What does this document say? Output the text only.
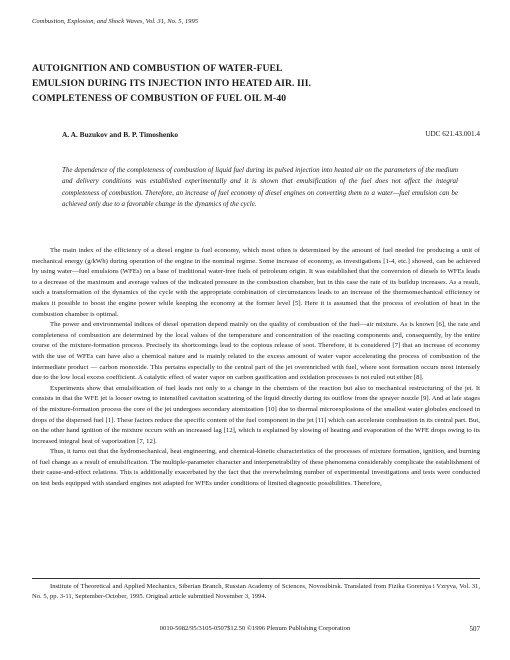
Combustion, Explosion, and Shock Waves, Vol. 31, No. 5, 1995
AUTOIGNITION AND COMBUSTION OF WATER-FUEL
EMULSION DURING ITS INJECTION INTO HEATED AIR. III.
COMPLETENESS OF COMBUSTION OF FUEL OIL M-40
A. A. Buzukov and B. P. Timoshenko	UDC 621.43.001.4
The dependence of the completeness of combustion of liquid fuel during its pulsed injection into heated air on the parameters of the medium and delivery conditions was established experimentally and it is shown that emulsification of the fuel does not affect the integral completeness of combustion. Therefore, an increase of fuel economy of diesel engines on converting them to a water—fuel emulsion can be achieved only due to a favorable change in the dynamics of the cycle.

The main index of the efficiency of a diesel engine is fuel economy, which most often is determined by the amount of fuel needed for producing a unit of mechanical energy (g/kWh) during operation of the engine in the nominal regime. Some increase of economy, as investigations [1-4, etc.] showed, can be achieved by using water—fuel emulsions (WFEs) on a base of traditional water-free fuels of petroleum origin. It was established that the conversion of diesels to WFEs leads to a decrease of the maximum and average values of the indicated pressure in the combustion chamber, but in this case the rate of its buildup increases. As a result, such a transformation of the dynamics of the cycle with the appropriate combination of circumstances leads to an increase of the thermomechanical efficiency or makes it possible to boost the engine power while keeping the economy at the former level [5]. Here it is assumed that the process of evolution of heat in the combustion chamber is optimal.

The power and environmental indices of diesel operation depend mainly on the quality of combustion of the fuel—air mixture. As is known [6], the rate and completeness of combustion are determined by the local values of the temperature and concentration of the reacting components and, consequently, by the entire course of the mixture-formation process. Precisely its shortcomings lead to the copious release of soot. Therefore, it is considered [7] that an increase of economy with the use of WFEs can have also a chemical nature and is mainly related to the excess amount of water vapor accelerating the process of combustion of the intermediate product — carbon monoxide. This pertains especially to the central part of the jet overenriched with fuel, where soot formation occurs most intensely due to the low local excess coefficient. A catalytic effect of water vapor on carbon gasification and oxidation processes is not ruled out either [8].

Experiments show that emulsification of fuel leads not only to a change in the chemism of the reaction but also to mechanical restructuring of the jet. It consists in that the WFE jet is looser owing to intensified cavitation scattering of the liquid directly during its outflow from the sprayer nozzle [9]. And at late stages of the mixture-formation process the core of the jet undergoes secondary atomization [10] due to thermal microexplosions of the smallest water globules enclosed in drops of the dispersed fuel [1]. These factors reduce the specific content of the fuel component in the jet [11] which can accelerate combustion in its central part. But, on the other hand ignition of the mixture occurs with an increased lag [12], which is explained by slowing of heating and evaporation of the WFE drops owing to its increased integral heat of vaporization [7, 12].

Thus, it turns out that the hydromechanical, heat engineering, and chemical-kinetic characteristics of the processes of mixture formation, ignition, and burning of fuel change as a result of emulsification. The multiple-parameter character and interpenetrability of these phenomena considerably complicate the establishment of their cause-and-effect relations. This is additionally exacerbated by the fact that the overwhelming number of experimental investigations and tests were conducted on test beds equipped with standard engines not adapted for WFEs under conditions of limited diagnostic possibilities. Therefore,

Institute of Theoretical and Applied Mechanics, Siberian Branch, Russian Academy of Sciences, Novosibirsk. Translated from Fizika Goreniya i Vzryva, Vol. 31, No. 5, pp. 3-11, September-October, 1995. Original article submitted November 3, 1994.

0010-5082/95/3105-0507$12.50 ©1996 Plenum Publishing Corporation	507
